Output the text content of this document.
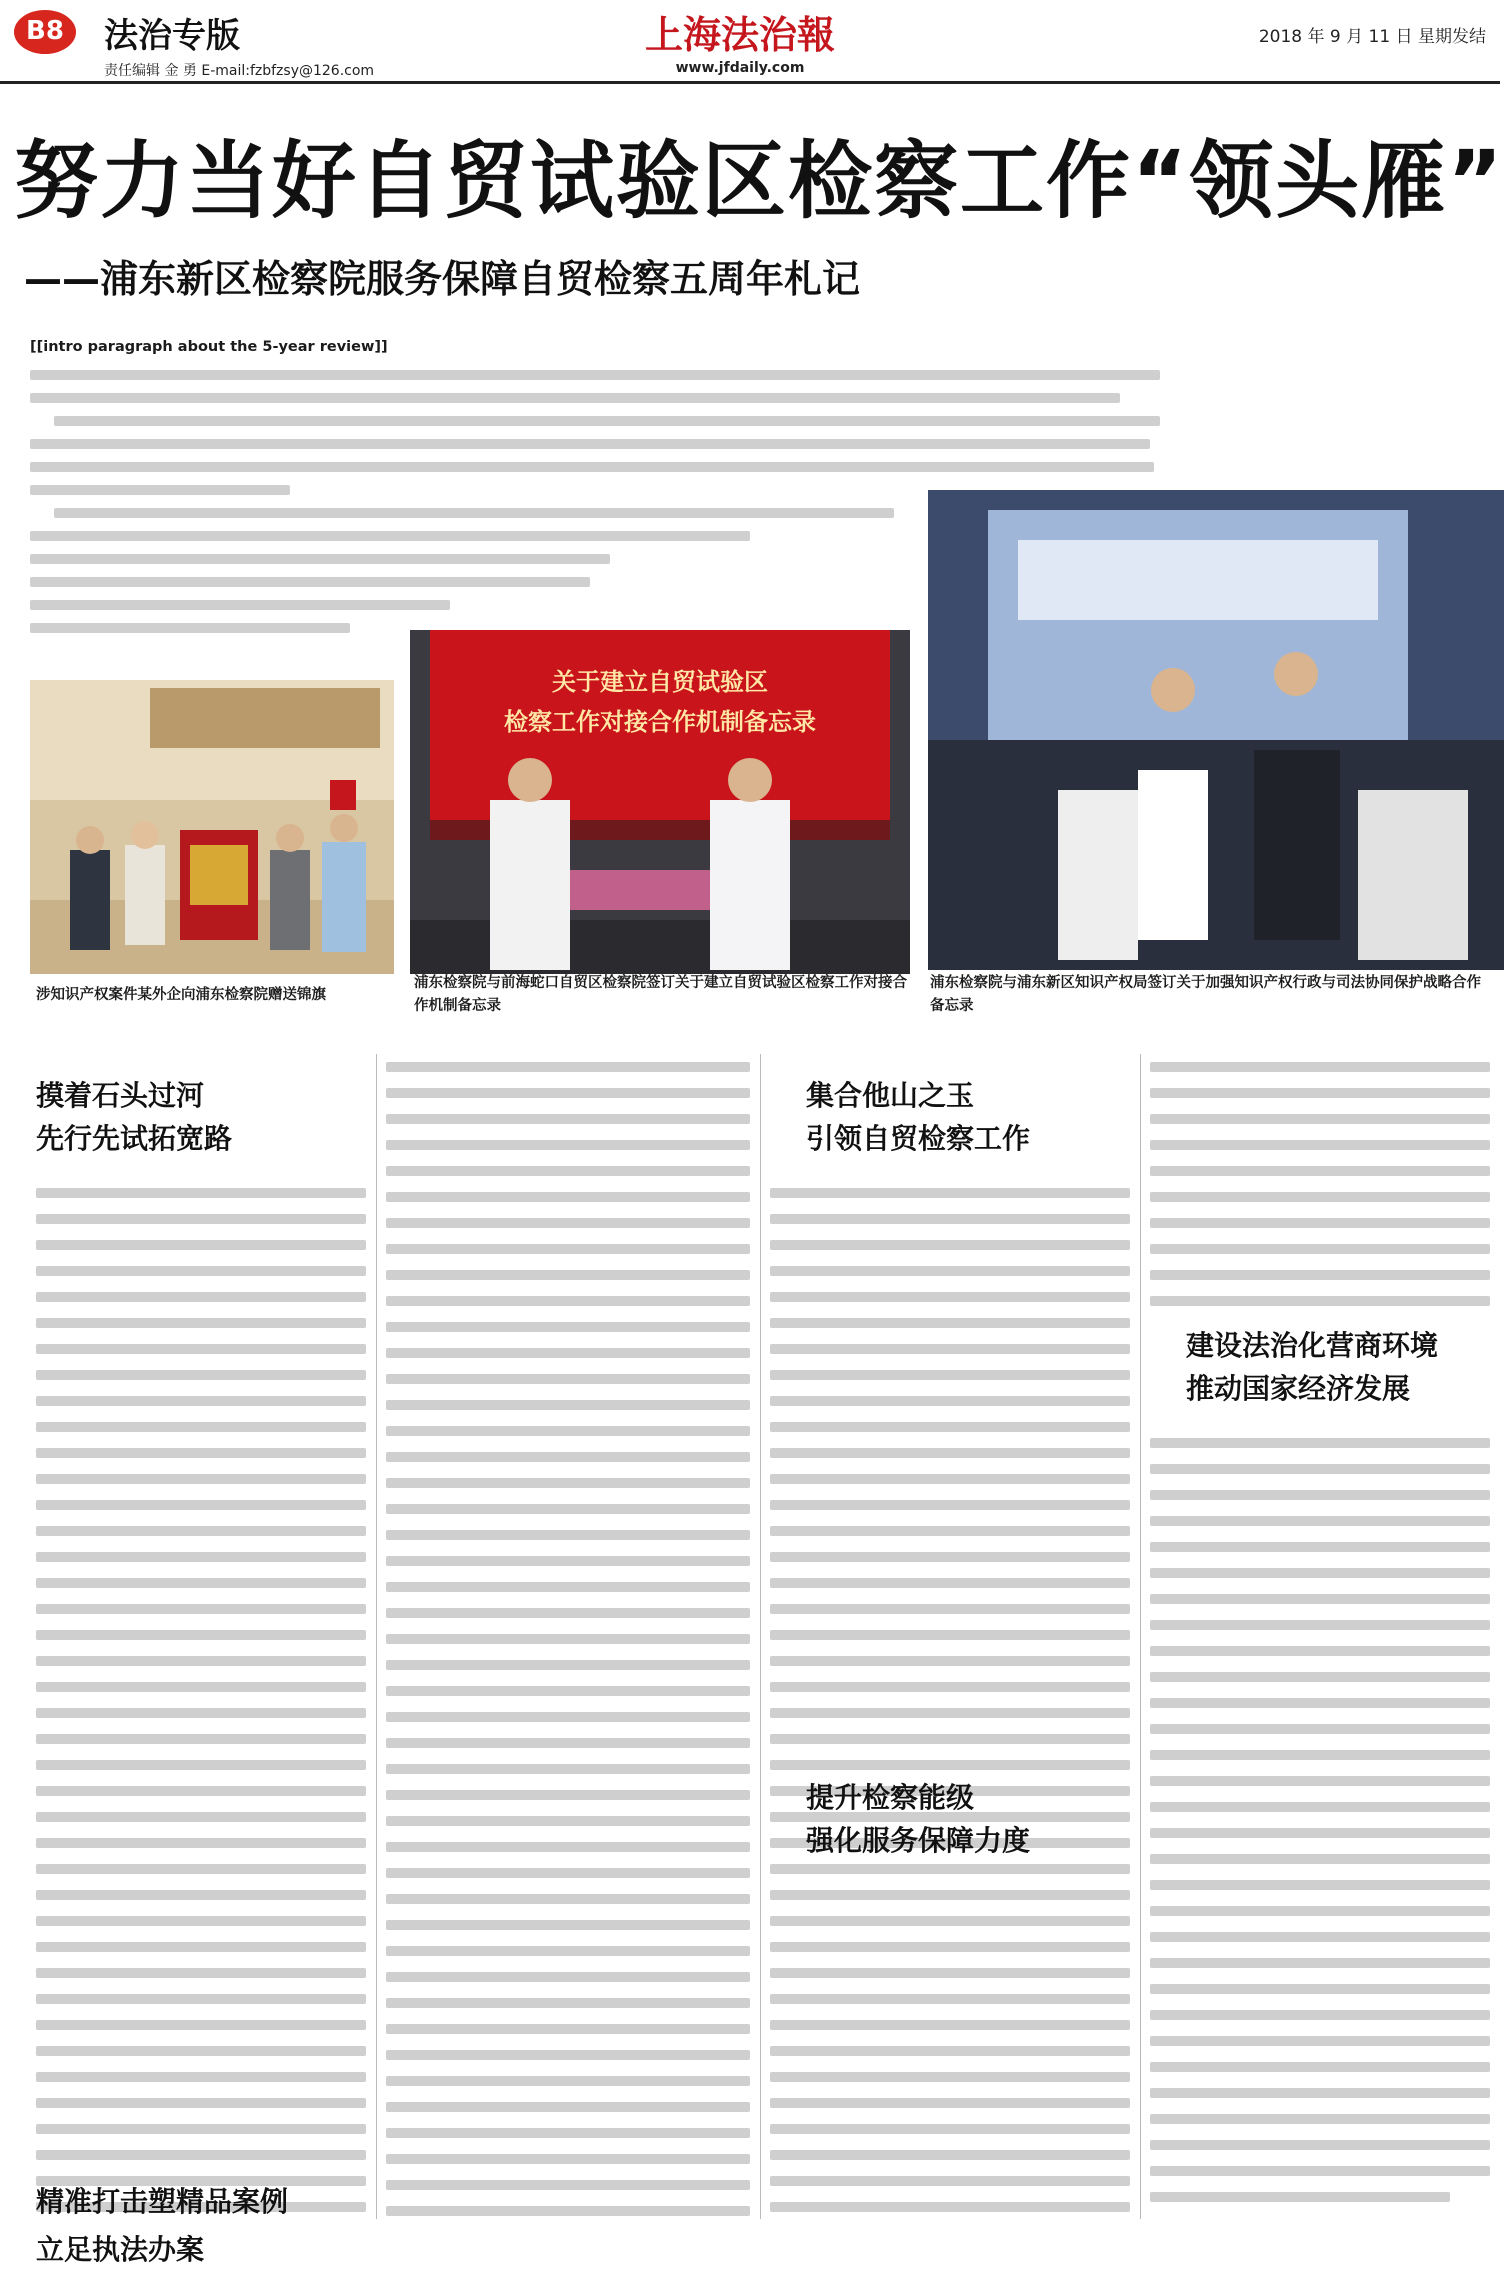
B8	法治专版
责任编辑 金 勇 E-mail:fzbfzsy@126.com
上海法治報
www.jfdaily.com
2018 年 9 月 11 日 星期发结
努力当好自贸试验区检察工作“领头雁”
——浦东新区检察院服务保障自贸检察五周年札记
[[intro paragraph about the 5-year review]]
涉知识产权案件某外企向浦东检察院赠送锦旗
关于建立自贸试验区
检察工作对接合作机制备忘录
浦东检察院与前海蛇口自贸区检察院签订关于建立自贸试验区检察工作对接合作机制备忘录
浦东检察院与浦东新区知识产权局签订关于加强知识产权行政与司法协同保护战略合作备忘录
摸着石头过河
先行先试拓宽路
立足执法办案
集合他山之玉
引领自贸检察工作
建设法治化营商环境
推动国家经济发展
精准打击塑精品案例
提升检察能级
强化服务保障力度
